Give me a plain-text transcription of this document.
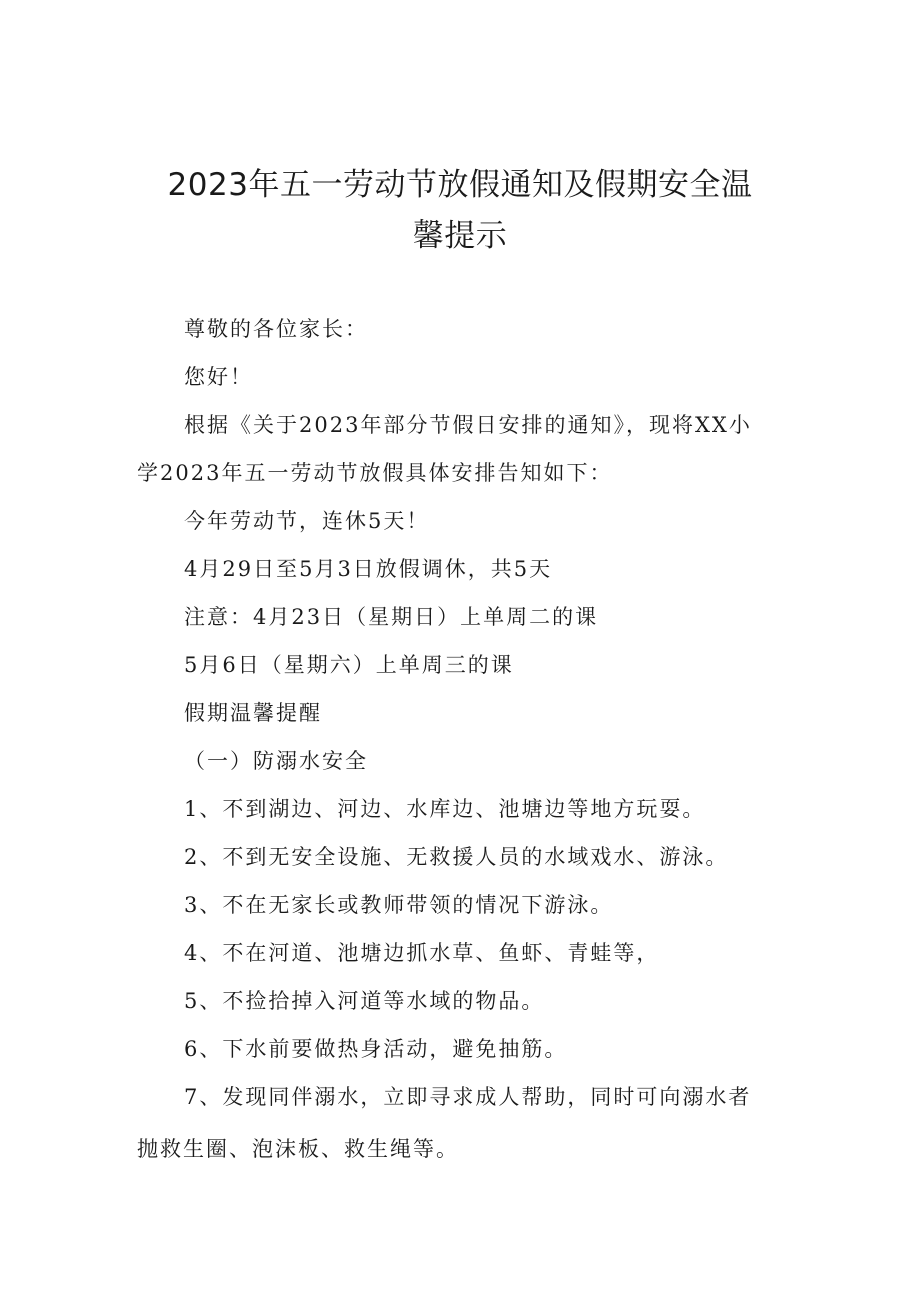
2023年五一劳动节放假通知及假期安全温
馨提示

尊敬的各位家长：

您好！

根据《关于2023年部分节假日安排的通知》，现将XX小

学2023年五一劳动节放假具体安排告知如下：

今年劳动节，连休5天！

4月29日至5月3日放假调休，共5天

注意：4月23日（星期日）上单周二的课

5月6日（星期六）上单周三的课

假期温馨提醒

（一）防溺水安全

1、不到湖边、河边、水库边、池塘边等地方玩耍。

2、不到无安全设施、无救援人员的水域戏水、游泳。

3、不在无家长或教师带领的情况下游泳。

4、不在河道、池塘边抓水草、鱼虾、青蛙等，

5、不捡拾掉入河道等水域的物品。

6、下水前要做热身活动，避免抽筋。

7、发现同伴溺水，立即寻求成人帮助，同时可向溺水者

抛救生圈、泡沫板、救生绳等。
